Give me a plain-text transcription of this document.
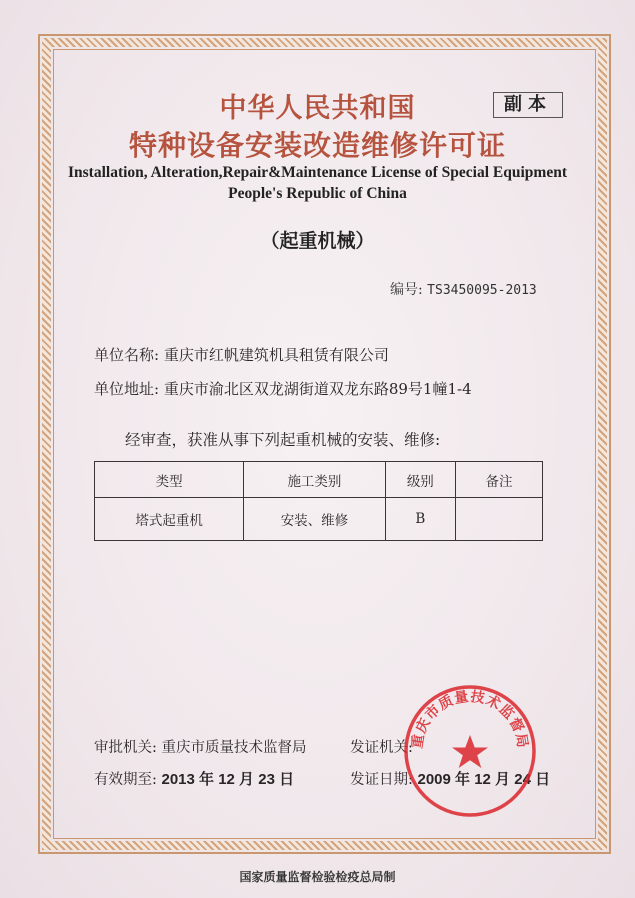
中华人民共和国
特种设备安装改造维修许可证
副本
Installation, Alteration,Repair&Maintenance License of Special Equipment
People's Republic of China
（起重机械）
编号: TS3450095-2013
单位名称: 重庆市红帆建筑机具租赁有限公司
单位地址: 重庆市渝北区双龙湖街道双龙东路89号1幢1-4
经审查，获准从事下列起重机械的安装、维修:
类型	施工类别	级别	备注
塔式起重机	安装、维修	B	
审批机关: 重庆市质量技术监督局	发证机关:
有效期至: 2013 年 12 月 23 日	发证日期: 2009 年 12 月 24 日
重庆市质量技术监督局
国家质量监督检验检疫总局制
